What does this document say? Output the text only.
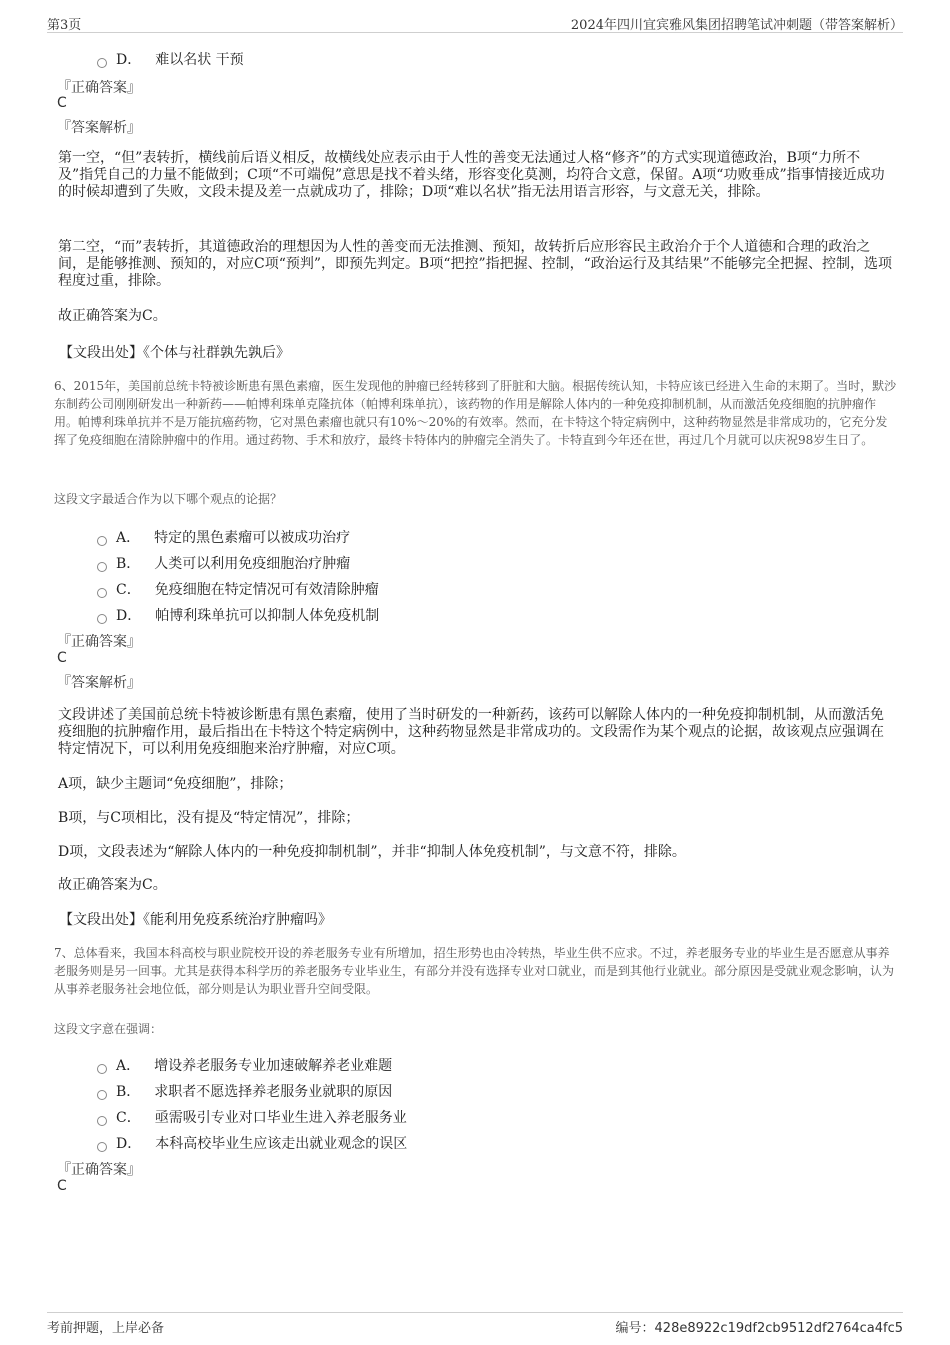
第3页	2024年四川宜宾雅风集团招聘笔试冲刺题（带答案解析）
D． 难以名状 干预
『正确答案』
C
『答案解析』
第一空，“但”表转折，横线前后语义相反，故横线处应表示由于人性的善变无法通过人格“修齐”的方式实现道德政治，B项“力所不及”指凭自己的力量不能做到；C项“不可端倪”意思是找不着头绪，形容变化莫测，均符合文意，保留。A项“功败垂成”指事情接近成功的时候却遭到了失败，文段未提及差一点就成功了，排除；D项“难以名状”指无法用语言形容，与文意无关，排除。
第二空，“而”表转折，其道德政治的理想因为人性的善变而无法推测、预知，故转折后应形容民主政治介于个人道德和合理的政治之间，是能够推测、预知的，对应C项“预判”，即预先判定。B项“把控”指把握、控制，“政治运行及其结果”不能够完全把握、控制，选项程度过重，排除。
故正确答案为C。
【文段出处】《个体与社群孰先孰后》
6、2015年，美国前总统卡特被诊断患有黑色素瘤，医生发现他的肿瘤已经转移到了肝脏和大脑。根据传统认知，卡特应该已经进入生命的末期了。当时，默沙东制药公司刚刚研发出一种新药——帕博利珠单克隆抗体（帕博利珠单抗），该药物的作用是解除人体内的一种免疫抑制机制，从而激活免疫细胞的抗肿瘤作用。帕博利珠单抗并不是万能抗癌药物，它对黑色素瘤也就只有10%～20%的有效率。然而，在卡特这个特定病例中，这种药物显然是非常成功的，它充分发挥了免疫细胞在清除肿瘤中的作用。通过药物、手术和放疗，最终卡特体内的肿瘤完全消失了。卡特直到今年还在世，再过几个月就可以庆祝98岁生日了。
这段文字最适合作为以下哪个观点的论据？
A． 特定的黑色素瘤可以被成功治疗
B． 人类可以利用免疫细胞治疗肿瘤
C． 免疫细胞在特定情况可有效清除肿瘤
D． 帕博利珠单抗可以抑制人体免疫机制
『正确答案』
C
『答案解析』
文段讲述了美国前总统卡特被诊断患有黑色素瘤，使用了当时研发的一种新药，该药可以解除人体内的一种免疫抑制机制，从而激活免疫细胞的抗肿瘤作用，最后指出在卡特这个特定病例中，这种药物显然是非常成功的。文段需作为某个观点的论据，故该观点应强调在特定情况下，可以利用免疫细胞来治疗肿瘤，对应C项。
A项，缺少主题词“免疫细胞”，排除；
B项，与C项相比，没有提及“特定情况”，排除；
D项，文段表述为“解除人体内的一种免疫抑制机制”，并非“抑制人体免疫机制”，与文意不符，排除。
故正确答案为C。
【文段出处】《能利用免疫系统治疗肿瘤吗》
7、总体看来，我国本科高校与职业院校开设的养老服务专业有所增加，招生形势也由冷转热，毕业生供不应求。不过，养老服务专业的毕业生是否愿意从事养老服务则是另一回事。尤其是获得本科学历的养老服务专业毕业生，有部分并没有选择专业对口就业，而是到其他行业就业。部分原因是受就业观念影响，认为从事养老服务社会地位低，部分则是认为职业晋升空间受限。
这段文字意在强调：
A． 增设养老服务专业加速破解养老业难题
B． 求职者不愿选择养老服务业就职的原因
C． 亟需吸引专业对口毕业生进入养老服务业
D． 本科高校毕业生应该走出就业观念的误区
『正确答案』
C
考前押题，上岸必备	编号：428e8922c19df2cb9512df2764ca4fc5
